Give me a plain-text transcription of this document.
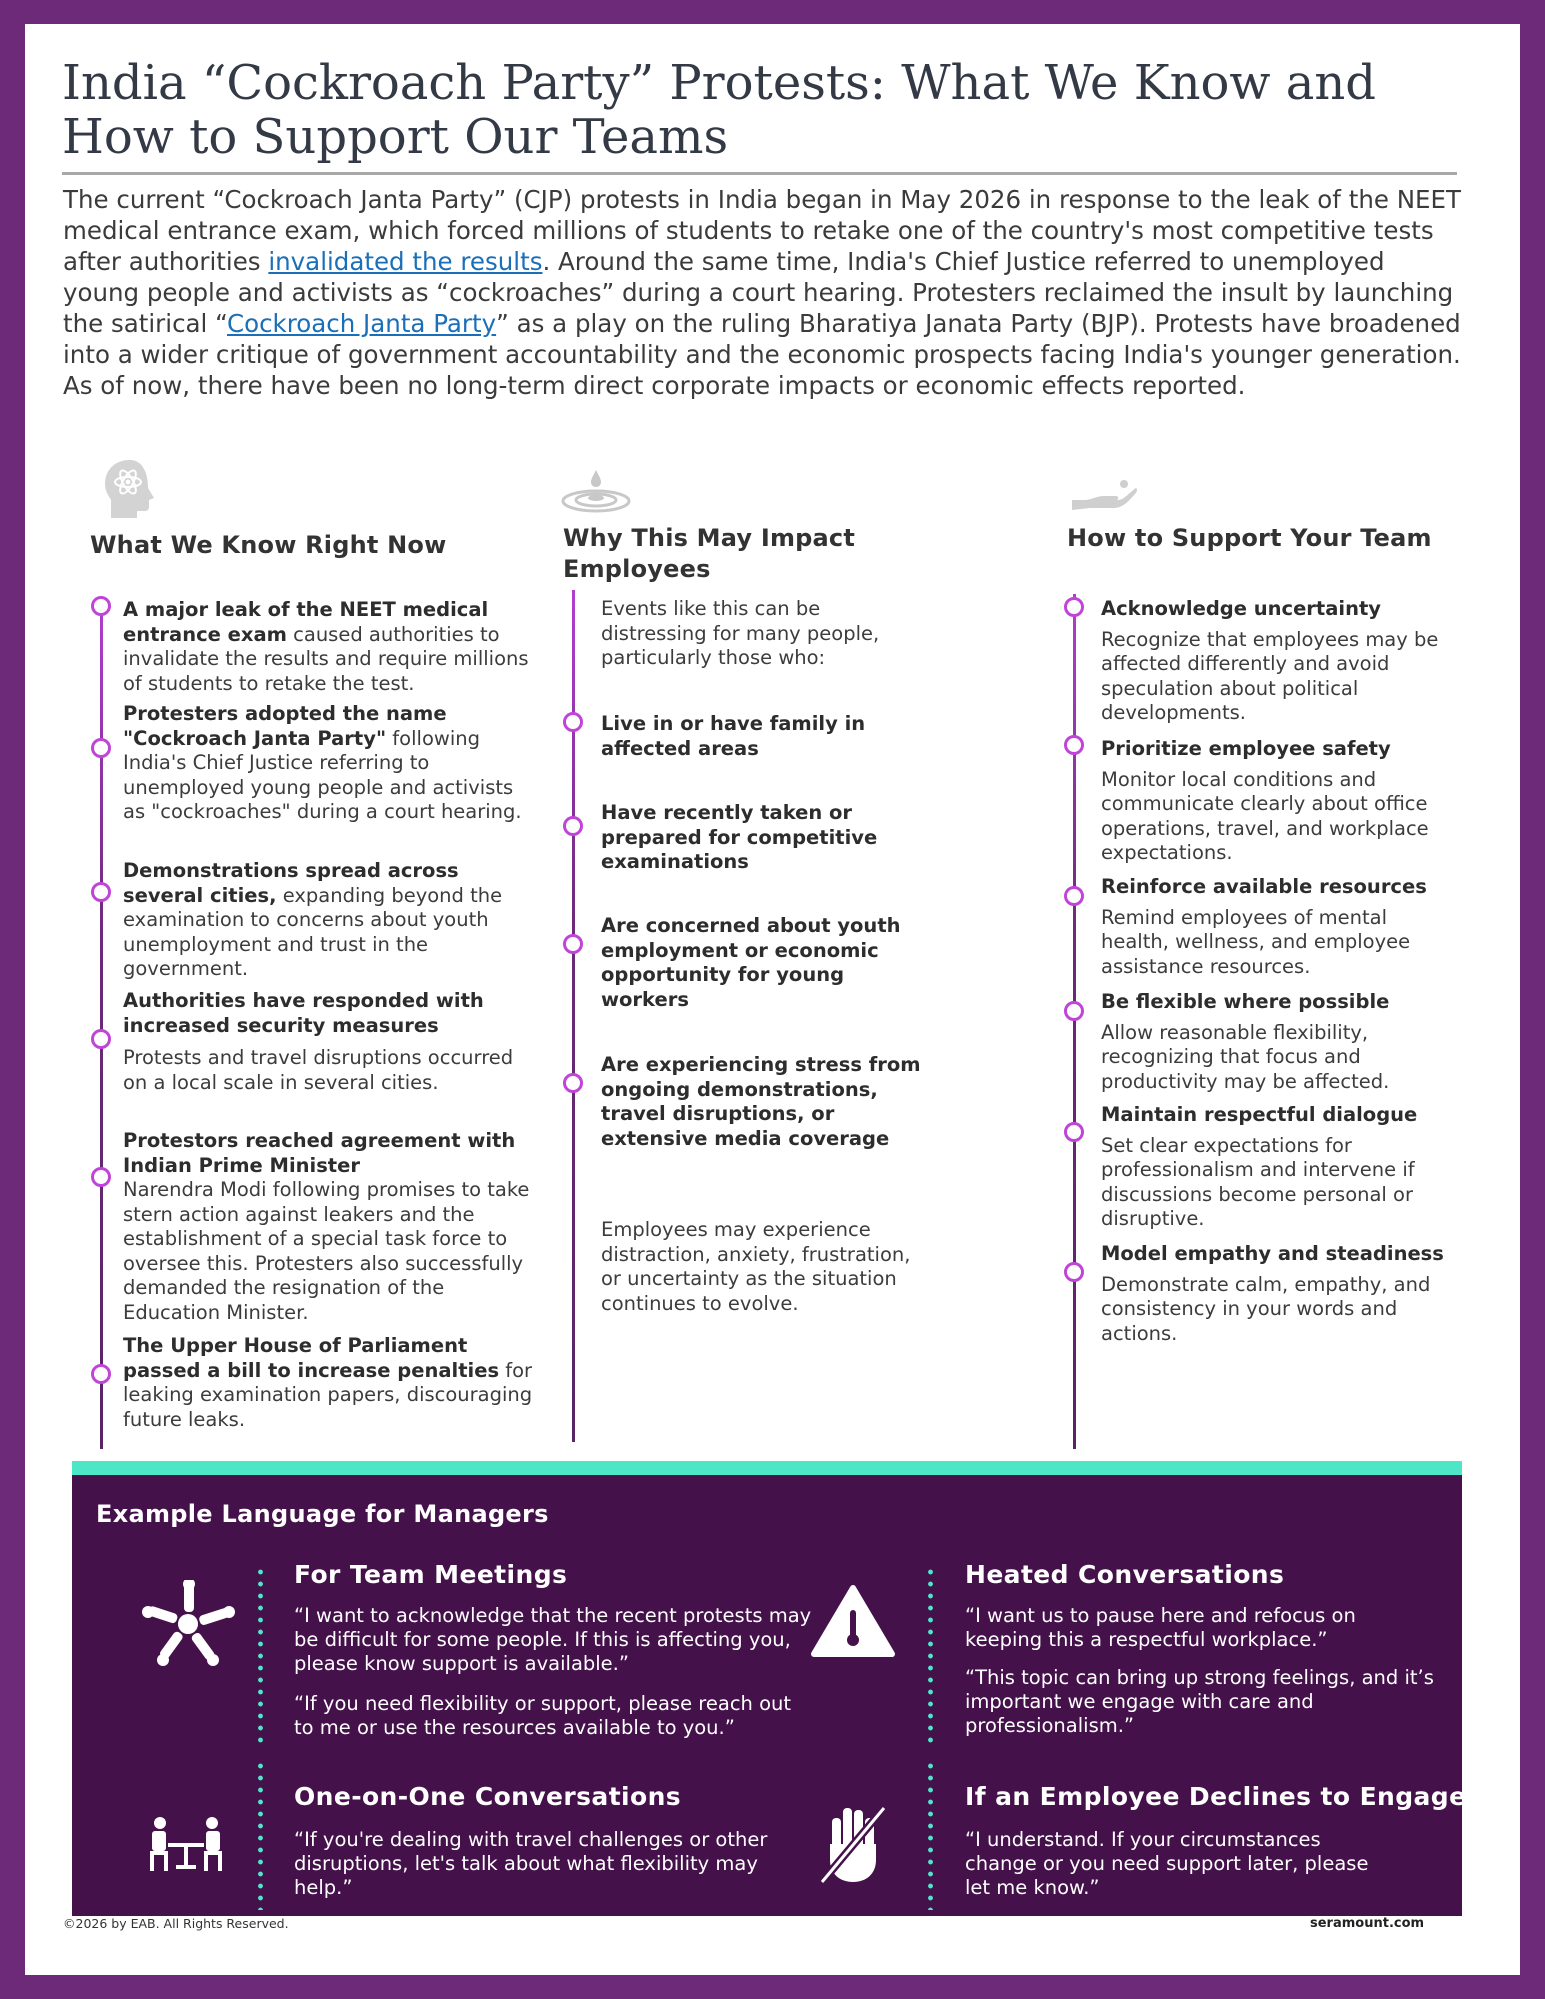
India “Cockroach Party” Protests: What We Know and How to Support Our Teams

The current “Cockroach Janta Party” (CJP) protests in India began in May 2026 in response to the leak of the NEET medical entrance exam, which forced millions of students to retake one of the country's most competitive tests after authorities invalidated the results. Around the same time, India's Chief Justice referred to unemployed young people and activists as “cockroaches” during a court hearing. Protesters reclaimed the insult by launching the satirical “Cockroach Janta Party” as a play on the ruling Bharatiya Janata Party (BJP). Protests have broadened into a wider critique of government accountability and the economic prospects facing India's younger generation. As of now, there have been no long-term direct corporate impacts or economic effects reported.

What We Know Right Now	Why This May Impact Employees
How to Support Your Team
A major leak of the NEET medical entrance exam caused authorities to invalidate the results and require millions of students to retake the test.
Protesters adopted the name "Cockroach Janta Party" following India's Chief Justice referring to unemployed young people and activists as "cockroaches" during a court hearing.
Demonstrations spread across several cities, expanding beyond the examination to concerns about youth unemployment and trust in the government.
Authorities have responded with increased security measures
Protests and travel disruptions occurred on a local scale in several cities.
Protestors reached agreement with Indian Prime Minister
Narendra Modi following promises to take stern action against leakers and the establishment of a special task force to oversee this. Protesters also successfully demanded the resignation of the Education Minister.
The Upper House of Parliament passed a bill to increase penalties for leaking examination papers, discouraging future leaks.
Events like this can be distressing for many people, particularly those who:
Live in or have family in affected areas
Have recently taken or prepared for competitive examinations
Are concerned about youth employment or economic opportunity for young workers
Are experiencing stress from ongoing demonstrations, travel disruptions, or extensive media coverage
Employees may experience distraction, anxiety, frustration, or uncertainty as the situation continues to evolve.
Acknowledge uncertainty
Recognize that employees may be affected differently and avoid speculation about political developments.
Prioritize employee safety
Monitor local conditions and communicate clearly about office operations, travel, and workplace expectations.
Reinforce available resources
Remind employees of mental health, wellness, and employee assistance resources.
Be flexible where possible
Allow reasonable flexibility, recognizing that focus and productivity may be affected.
Maintain respectful dialogue
Set clear expectations for professionalism and intervene if discussions become personal or disruptive.
Model empathy and steadiness
Demonstrate calm, empathy, and consistency in your words and actions.
Example Language for Managers
For Team Meetings
“I want to acknowledge that the recent protests may be difficult for some people. If this is affecting you, please know support is available.”
“If you need flexibility or support, please reach out to me or use the resources available to you.”
Heated Conversations
“I want us to pause here and refocus on keeping this a respectful workplace.”
“This topic can bring up strong feelings, and it’s important we engage with care and professionalism.”
One-on-One Conversations
“If you're dealing with travel challenges or other disruptions, let's talk about what flexibility may help.”
If an Employee Declines to Engage
“I understand. If your circumstances change or you need support later, please let me know.”
©2026 by EAB. All Rights Reserved.	seramount.com
